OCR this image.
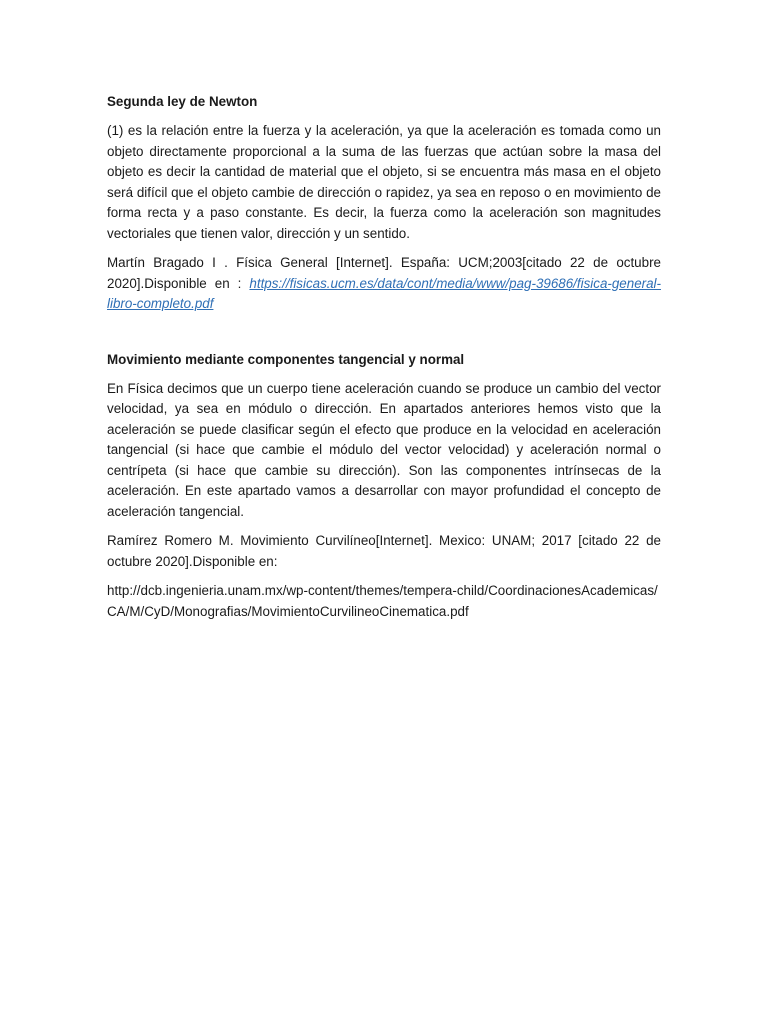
Segunda ley de Newton

(1) es la relación entre la fuerza y la aceleración, ya que la aceleración es tomada como un objeto directamente proporcional a la suma de las fuerzas que actúan sobre la masa del objeto es decir la cantidad de material que el objeto, si se encuentra más masa en el objeto será difícil que el objeto cambie de dirección o rapidez, ya sea en reposo o en movimiento de forma recta y a paso constante. Es decir, la fuerza como la aceleración son magnitudes vectoriales que tienen valor, dirección y un sentido.

Martín Bragado I . Física General [Internet]. España: UCM;2003[citado 22 de octubre 2020].Disponible en : https://fisicas.ucm.es/data/cont/media/www/pag-39686/fisica-general-libro-completo.pdf

Movimiento mediante componentes tangencial y normal

En Física decimos que un cuerpo tiene aceleración cuando se produce un cambio del vector velocidad, ya sea en módulo o dirección. En apartados anteriores hemos visto que la aceleración se puede clasificar según el efecto que produce en la velocidad en aceleración tangencial (si hace que cambie el módulo del vector velocidad) y aceleración normal o centrípeta (si hace que cambie su dirección). Son las componentes intrínsecas de la aceleración. En este apartado vamos a desarrollar con mayor profundidad el concepto de aceleración tangencial.

Ramírez Romero M. Movimiento Curvilíneo[Internet]. Mexico: UNAM; 2017 [citado 22 de octubre 2020].Disponible en:

http://dcb.ingenieria.unam.mx/wp-content/themes/tempera-child/CoordinacionesAcademicas/CA/M/CyD/Monografias/MovimientoCurvilineoCinematica.pdf
